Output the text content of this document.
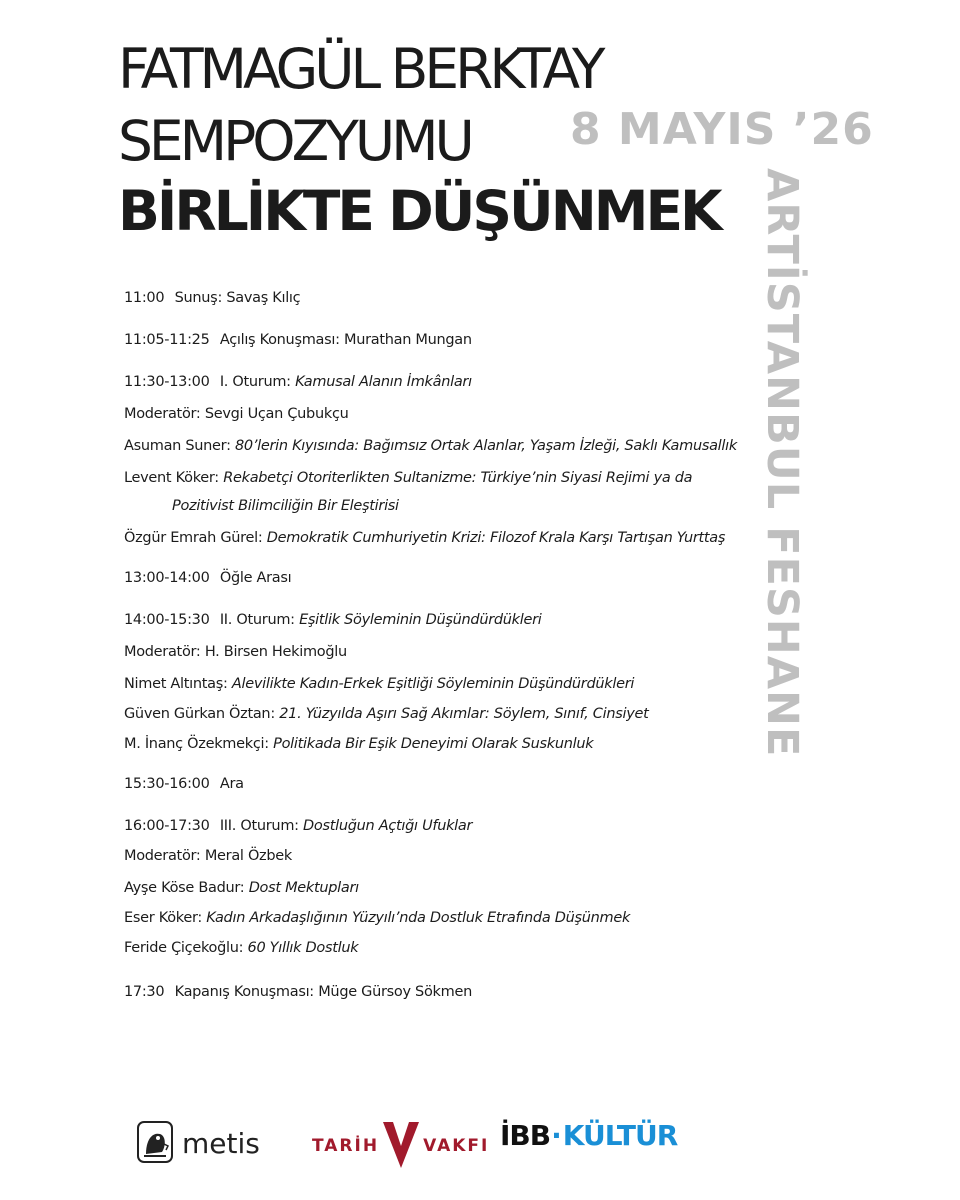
FATMAGÜL BERKTAY
SEMPOZYUMU
BİRLİKTE DÜŞÜNMEK
8 MAYIS ’26
ARTİSTANBUL FESHANE
11:00 Sunuş: Savaş Kılıç
11:05-11:25 Açılış Konuşması: Murathan Mungan
11:30-13:00 I. Oturum: Kamusal Alanın İmkânları
Moderatör: Sevgi Uçan Çubukçu
Asuman Suner: 80’lerin Kıyısında: Bağımsız Ortak Alanlar, Yaşam İzleği, Saklı Kamusallık
Levent Köker: Rekabetçi Otoriterlikten Sultanizme: Türkiye’nin Siyasi Rejimi ya da
Pozitivist Bilimciliğin Bir Eleştirisi
Özgür Emrah Gürel: Demokratik Cumhuriyetin Krizi: Filozof Krala Karşı Tartışan Yurttaş
13:00-14:00 Öğle Arası
14:00-15:30 II. Oturum: Eşitlik Söyleminin Düşündürdükleri
Moderatör: H. Birsen Hekimoğlu
Nimet Altıntaş: Alevilikte Kadın-Erkek Eşitliği Söyleminin Düşündürdükleri
Güven Gürkan Öztan: 21. Yüzyılda Aşırı Sağ Akımlar: Söylem, Sınıf, Cinsiyet
M. İnanç Özekmekçi: Politikada Bir Eşik Deneyimi Olarak Suskunluk
15:30-16:00 Ara
16:00-17:30 III. Oturum: Dostluğun Açtığı Ufuklar
Moderatör: Meral Özbek
Ayşe Köse Badur: Dost Mektupları
Eser Köker: Kadın Arkadaşlığının Yüzyılı’nda Dostluk Etrafında Düşünmek
Feride Çiçekoğlu: 60 Yıllık Dostluk
17:30 Kapanış Konuşması: Müge Gürsoy Sökmen
metis	TARİH	VAKFI İBB · KÜLTÜR
